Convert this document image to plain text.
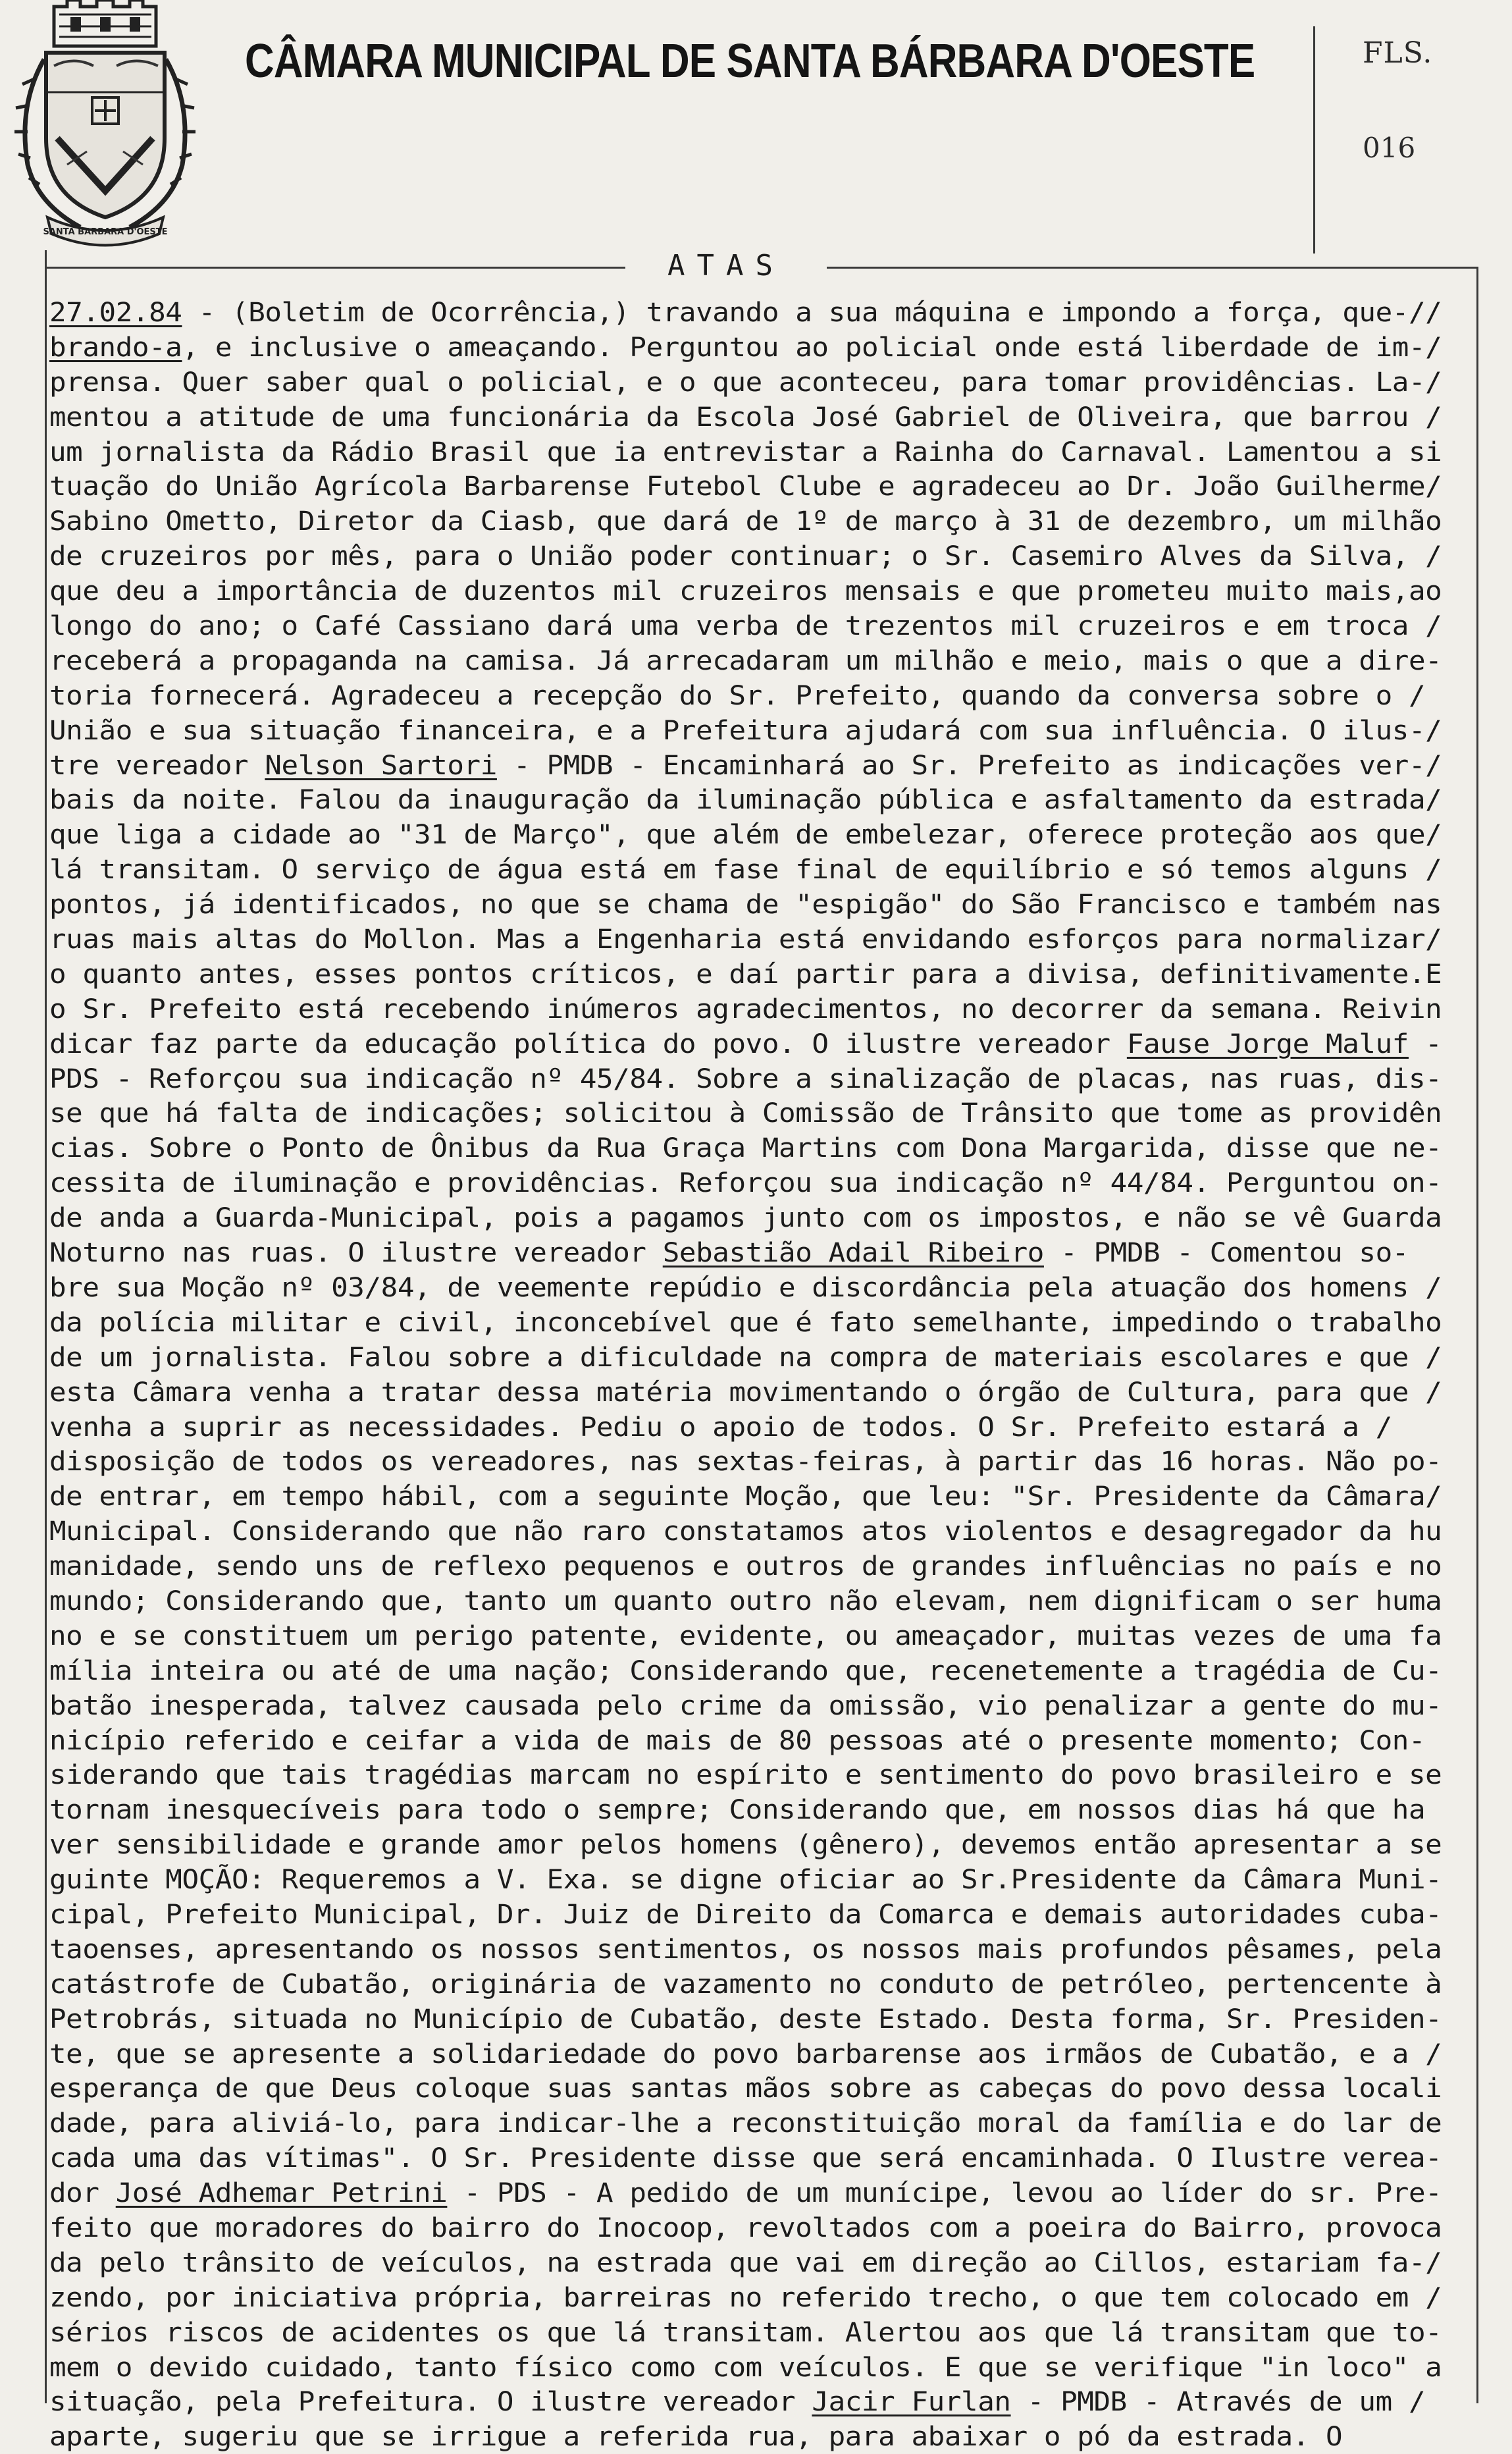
SANTA BARBARA D'OESTE
CÂMARA MUNICIPAL DE SANTA BÁRBARA D'OESTE	FLS.
016
ATAS
27.02.84 - (Boletim de Ocorrência,) travando a sua máquina e impondo a força, que-//
brando-a, e inclusive o ameaçando. Perguntou ao policial onde está liberdade de im-/
prensa. Quer saber qual o policial, e o que aconteceu, para tomar providências. La-/
mentou a atitude de uma funcionária da Escola José Gabriel de Oliveira, que barrou /
um jornalista da Rádio Brasil que ia entrevistar a Rainha do Carnaval. Lamentou a si
tuação do União Agrícola Barbarense Futebol Clube e agradeceu ao Dr. João Guilherme/
Sabino Ometto, Diretor da Ciasb, que dará de 1º de março à 31 de dezembro, um milhão
de cruzeiros por mês, para o União poder continuar; o Sr. Casemiro Alves da Silva, /
que deu a importância de duzentos mil cruzeiros mensais e que prometeu muito mais,ao
longo do ano; o Café Cassiano dará uma verba de trezentos mil cruzeiros e em troca /
receberá a propaganda na camisa. Já arrecadaram um milhão e meio, mais o que a dire-
toria fornecerá. Agradeceu a recepção do Sr. Prefeito, quando da conversa sobre o /
União e sua situação financeira, e a Prefeitura ajudará com sua influência. O ilus-/
tre vereador Nelson Sartori - PMDB - Encaminhará ao Sr. Prefeito as indicações ver-/
bais da noite. Falou da inauguração da iluminação pública e asfaltamento da estrada/
que liga a cidade ao "31 de Março", que além de embelezar, oferece proteção aos que/
lá transitam. O serviço de água está em fase final de equilíbrio e só temos alguns /
pontos, já identificados, no que se chama de "espigão" do São Francisco e também nas
ruas mais altas do Mollon. Mas a Engenharia está envidando esforços para normalizar/
o quanto antes, esses pontos críticos, e daí partir para a divisa, definitivamente.E
o Sr. Prefeito está recebendo inúmeros agradecimentos, no decorrer da semana. Reivin
dicar faz parte da educação política do povo. O ilustre vereador Fause Jorge Maluf -
PDS - Reforçou sua indicação nº 45/84. Sobre a sinalização de placas, nas ruas, dis-
se que há falta de indicações; solicitou à Comissão de Trânsito que tome as providên
cias. Sobre o Ponto de Ônibus da Rua Graça Martins com Dona Margarida, disse que ne-
cessita de iluminação e providências. Reforçou sua indicação nº 44/84. Perguntou on-
de anda a Guarda-Municipal, pois a pagamos junto com os impostos, e não se vê Guarda
Noturno nas ruas. O ilustre vereador Sebastião Adail Ribeiro - PMDB - Comentou so-
bre sua Moção nº 03/84, de veemente repúdio e discordância pela atuação dos homens /
da polícia militar e civil, inconcebível que é fato semelhante, impedindo o trabalho
de um jornalista. Falou sobre a dificuldade na compra de materiais escolares e que /
esta Câmara venha a tratar dessa matéria movimentando o órgão de Cultura, para que /
venha a suprir as necessidades. Pediu o apoio de todos. O Sr. Prefeito estará a /
disposição de todos os vereadores, nas sextas-feiras, à partir das 16 horas. Não po-
de entrar, em tempo hábil, com a seguinte Moção, que leu: "Sr. Presidente da Câmara/
Municipal. Considerando que não raro constatamos atos violentos e desagregador da hu
manidade, sendo uns de reflexo pequenos e outros de grandes influências no país e no
mundo; Considerando que, tanto um quanto outro não elevam, nem dignificam o ser huma
no e se constituem um perigo patente, evidente, ou ameaçador, muitas vezes de uma fa
mília inteira ou até de uma nação; Considerando que, recenetemente a tragédia de Cu-
batão inesperada, talvez causada pelo crime da omissão, vio penalizar a gente do mu-
nicípio referido e ceifar a vida de mais de 80 pessoas até o presente momento; Con-
siderando que tais tragédias marcam no espírito e sentimento do povo brasileiro e se
tornam inesquecíveis para todo o sempre; Considerando que, em nossos dias há que ha
ver sensibilidade e grande amor pelos homens (gênero), devemos então apresentar a se
guinte MOÇÃO: Requeremos a V. Exa. se digne oficiar ao Sr.Presidente da Câmara Muni-
cipal, Prefeito Municipal, Dr. Juiz de Direito da Comarca e demais autoridades cuba-
taoenses, apresentando os nossos sentimentos, os nossos mais profundos pêsames, pela
catástrofe de Cubatão, originária de vazamento no conduto de petróleo, pertencente à
Petrobrás, situada no Município de Cubatão, deste Estado. Desta forma, Sr. Presiden-
te, que se apresente a solidariedade do povo barbarense aos irmãos de Cubatão, e a /
esperança de que Deus coloque suas santas mãos sobre as cabeças do povo dessa locali
dade, para aliviá-lo, para indicar-lhe a reconstituição moral da família e do lar de
cada uma das vítimas". O Sr. Presidente disse que será encaminhada. O Ilustre verea-
dor José Adhemar Petrini - PDS - A pedido de um munícipe, levou ao líder do sr. Pre-
feito que moradores do bairro do Inocoop, revoltados com a poeira do Bairro, provoca
da pelo trânsito de veículos, na estrada que vai em direção ao Cillos, estariam fa-/
zendo, por iniciativa própria, barreiras no referido trecho, o que tem colocado em /
sérios riscos de acidentes os que lá transitam. Alertou aos que lá transitam que to-
mem o devido cuidado, tanto físico como com veículos. E que se verifique "in loco" a
situação, pela Prefeitura. O ilustre vereador Jacir Furlan - PMDB - Através de um /
aparte, sugeriu que se irrigue a referida rua, para abaixar o pó da estrada. O
